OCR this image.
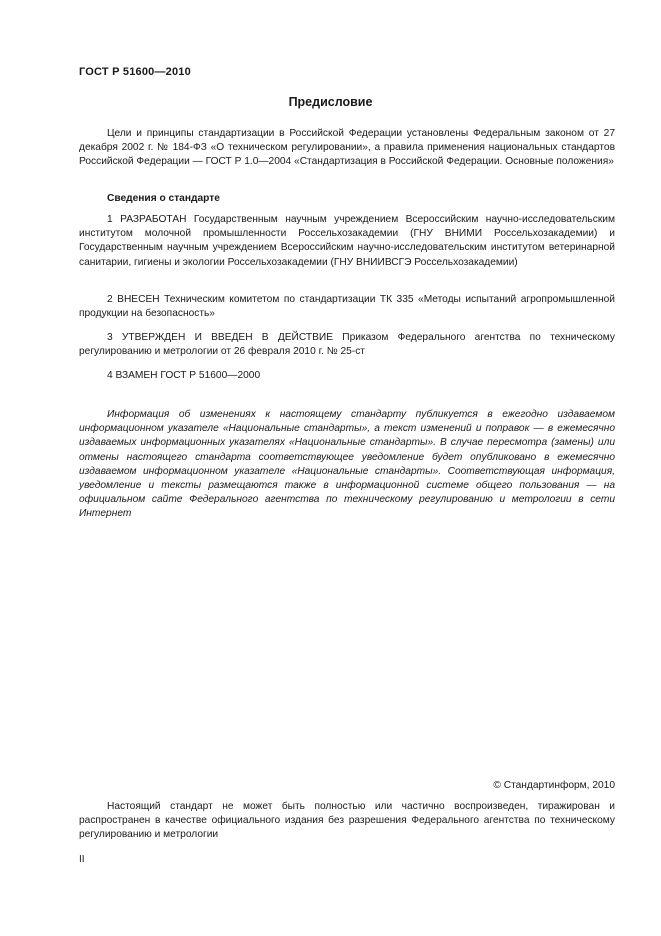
ГОСТ Р 51600—2010
Предисловие

Цели и принципы стандартизации в Российской Федерации установлены Федеральным законом от 27 декабря 2002 г. № 184-ФЗ «О техническом регулировании», а правила применения национальных стандартов Российской Федерации — ГОСТ Р 1.0—2004 «Стандартизация в Российской Федерации. Основные положения»

Сведения о стандарте

1 РАЗРАБОТАН Государственным научным учреждением Всероссийским научно-исследовательским институтом молочной промышленности Россельхозакадемии (ГНУ ВНИМИ Россельхозакадемии) и Государственным научным учреждением Всероссийским научно-исследовательским институтом ветеринарной санитарии, гигиены и экологии Россельхозакадемии (ГНУ ВНИИВСГЭ Россельхозакадемии)

2 ВНЕСЕН Техническим комитетом по стандартизации ТК 335 «Методы испытаний агропромышленной продукции на безопасность»

3 УТВЕРЖДЕН И ВВЕДЕН В ДЕЙСТВИЕ Приказом Федерального агентства по техническому регулированию и метрологии от 26 февраля 2010 г. № 25-ст

4 ВЗАМЕН ГОСТ Р 51600—2000

Информация об изменениях к настоящему стандарту публикуется в ежегодно издаваемом информационном указателе «Национальные стандарты», а текст изменений и поправок — в ежемесячно издаваемых информационных указателях «Национальные стандарты». В случае пересмотра (замены) или отмены настоящего стандарта соответствующее уведомление будет опубликовано в ежемесячно издаваемом информационном указателе «Национальные стандарты». Соответствующая информация, уведомление и тексты размещаются также в информационной системе общего пользования — на официальном сайте Федерального агентства по техническому регулированию и метрологии в сети Интернет

© Стандартинформ, 2010

Настоящий стандарт не может быть полностью или частично воспроизведен, тиражирован и распространен в качестве официального издания без разрешения Федерального агентства по техническому регулированию и метрологии

II
